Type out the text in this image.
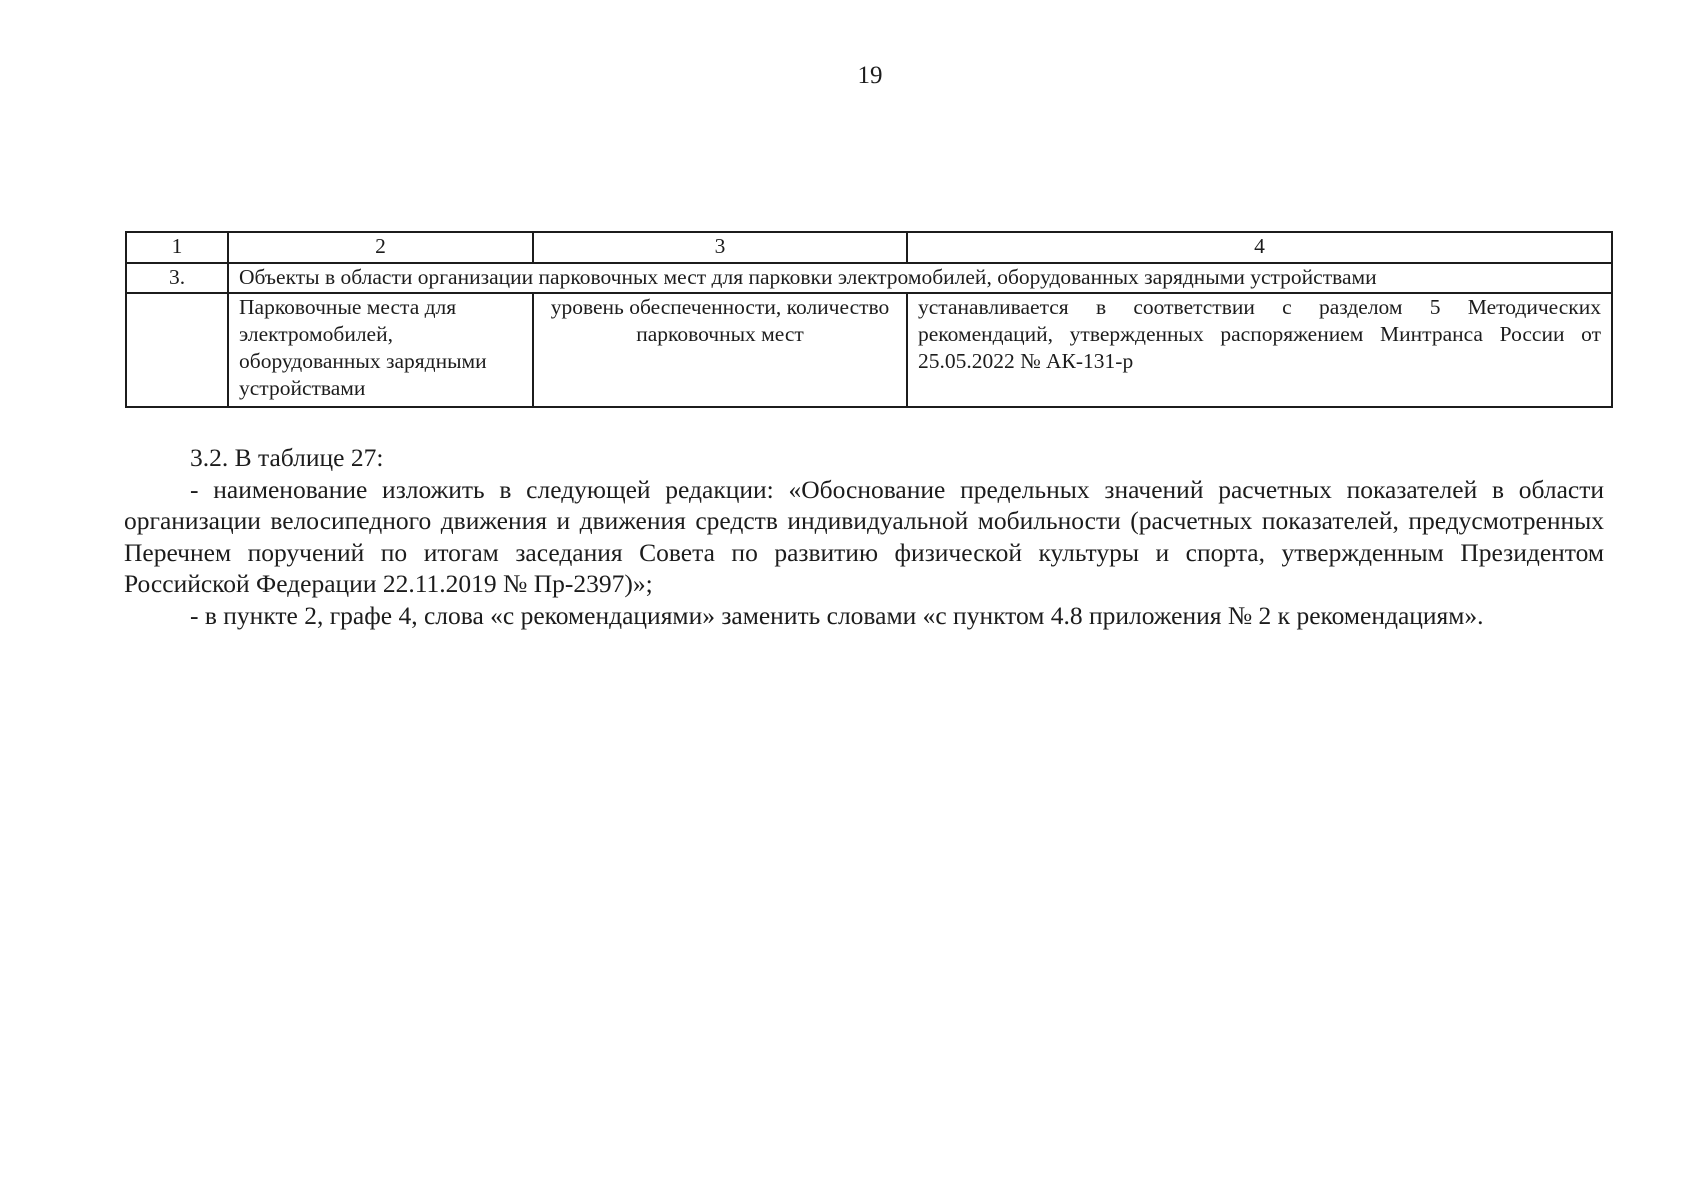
19
1	2	3	4
3.	Объекты в области организации парковочных мест для парковки электромобилей, оборудованных зарядными устройствами		
	Парковочные места для электромобилей, оборудованных зарядными устройствами	уровень обеспеченности, количество парковочных мест	устанавливается в соответствии с разделом 5 Методических рекомендаций, утвержденных распоряжением Минтранса России от 25.05.2022 № АК-131-р

3.2. В таблице 27:

- наименование изложить в следующей редакции: «Обоснование предельных значений расчетных показателей в области организации велосипедного движения и движения средств индивидуальной мобильности (расчетных показателей, предусмотренных Перечнем поручений по итогам заседания Совета по развитию физической культуры и спорта, утвержденным Президентом Российской Федерации 22.11.2019 № Пр-2397)»;

- в пункте 2, графе 4, слова «с рекомендациями» заменить словами «с пунктом 4.8 приложения № 2 к рекомендациям».
